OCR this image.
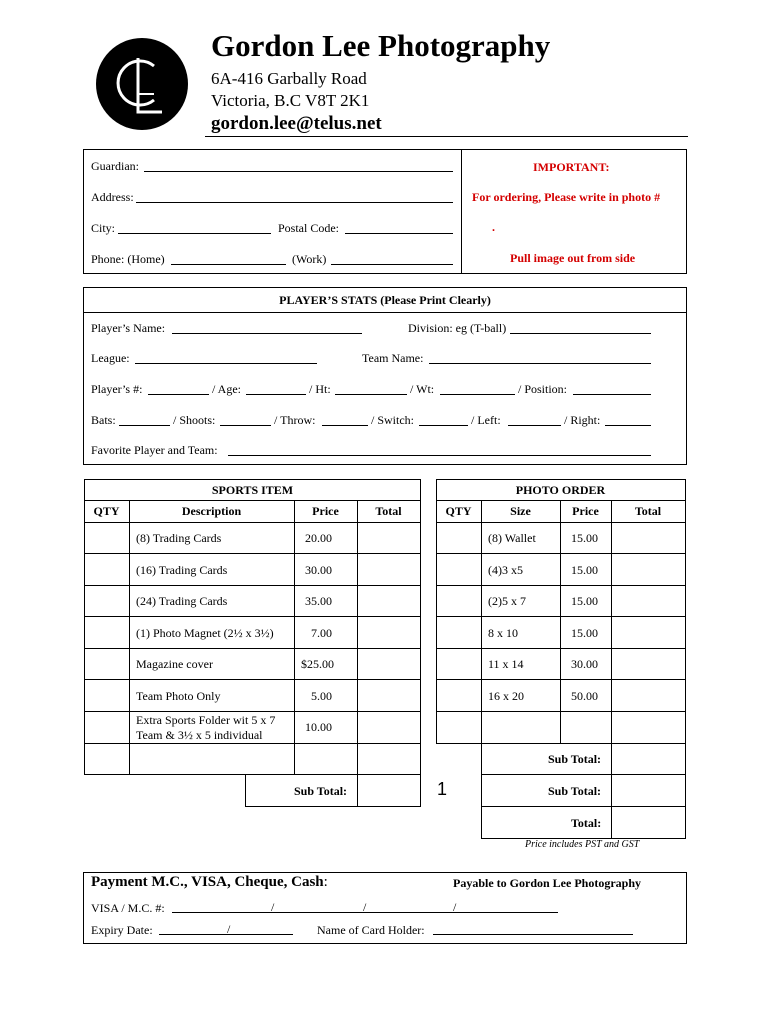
Gordon Lee Photography
6A-416 Garbally Road
Victoria, B.C V8T 2K1
gordon.lee@telus.net
Guardian:
Address:
City:	Postal Code:
Phone: (Home)	(Work)
IMPORTANT:
For ordering, Please write in photo #
.
Pull image out from side
PLAYER’S STATS (Please Print Clearly)
Player’s Name:	Division: eg (T-ball)
League:	Team Name:
Player’s #:	/ Age:	/ Ht:	/ Wt:	/ Position:
Bats:	/ Shoots:	/ Throw:	/ Switch:	/ Left:	/ Right:
Favorite Player and Team:
SPORTS ITEM
QTY	Description	Price	Total
(8) Trading Cards	20.00
(16) Trading Cards	30.00
(24) Trading Cards	35.00
(1) Photo Magnet (2½ x 3½)	7.00
Magazine cover	$25.00
Team Photo Only	5.00
Extra Sports Folder wit 5 x 7
Team & 3½ x 5 individual
10.00
Sub Total:	1
PHOTO ORDER
QTY	Size	Price	Total
(8) Wallet	15.00
(4)3 x5	15.00
(2)5 x 7	15.00
8 x 10	15.00
11 x 14	30.00
16 x 20	50.00
Sub Total:
Sub Total:
Total:
Price includes PST and GST
Payment M.C., VISA, Cheque, Cash:	Payable to Gordon Lee Photography
VISA / M.C. #:	/	/	/
Expiry Date:	/	Name of Card Holder:
